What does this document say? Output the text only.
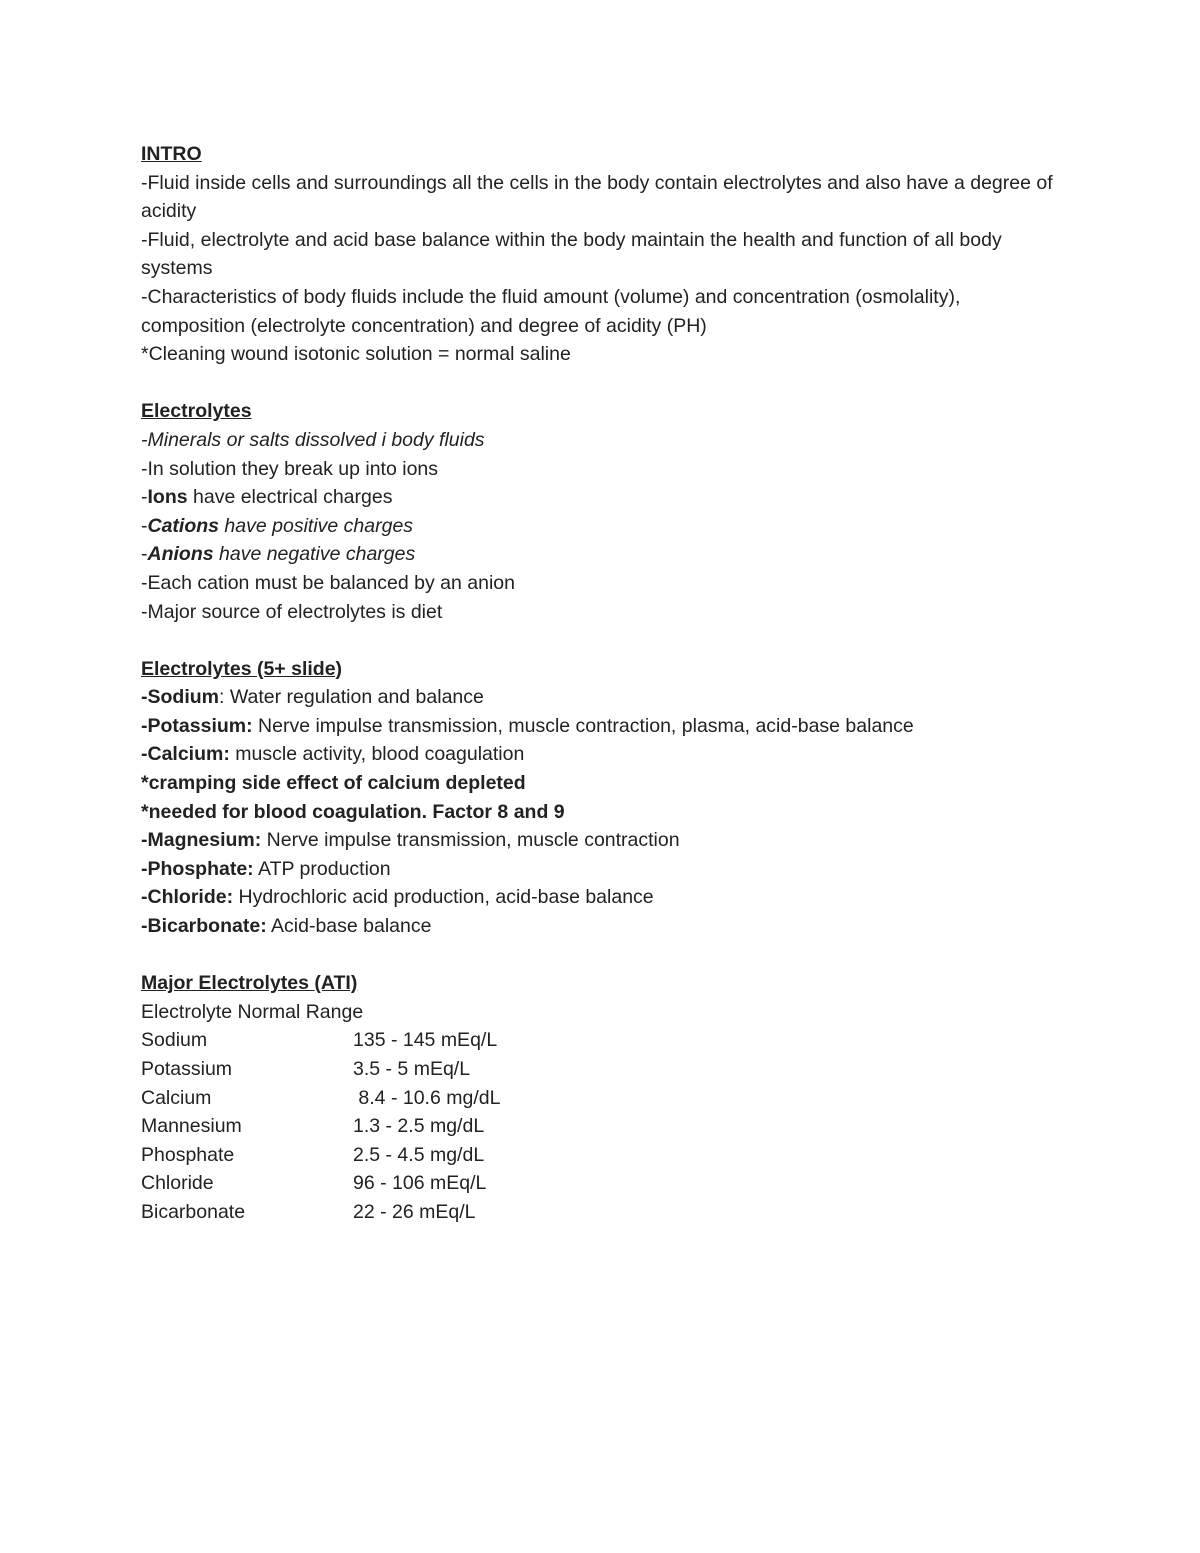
INTRO
-Fluid inside cells and surroundings all the cells in the body contain electrolytes and also have a degree of acidity
-Fluid, electrolyte and acid base balance within the body maintain the health and function of all body systems
-Characteristics of body fluids include the fluid amount (volume) and concentration (osmolality), composition (electrolyte concentration) and degree of acidity (PH)
*Cleaning wound isotonic solution = normal saline
Electrolytes
-Minerals or salts dissolved i body fluids
-In solution they break up into ions
-Ions have electrical charges
-Cations have positive charges
-Anions have negative charges
-Each cation must be balanced by an anion
-Major source of electrolytes is diet
Electrolytes (5+ slide)
-Sodium: Water regulation and balance
-Potassium: Nerve impulse transmission, muscle contraction, plasma, acid-base balance
-Calcium: muscle activity, blood coagulation
*cramping side effect of calcium depleted
*needed for blood coagulation. Factor 8 and 9
-Magnesium: Nerve impulse transmission, muscle contraction
-Phosphate: ATP production
-Chloride: Hydrochloric acid production, acid-base balance
-Bicarbonate: Acid-base balance
Major Electrolytes (ATI)
Electrolyte Normal Range
Sodium	135 - 145 mEq/L
Potassium	3.5 - 5 mEq/L
Calcium	8.4 - 10.6 mg/dL
Mannesium	1.3 - 2.5 mg/dL
Phosphate	2.5 - 4.5 mg/dL
Chloride	96 - 106 mEq/L
Bicarbonate	22 - 26 mEq/L
